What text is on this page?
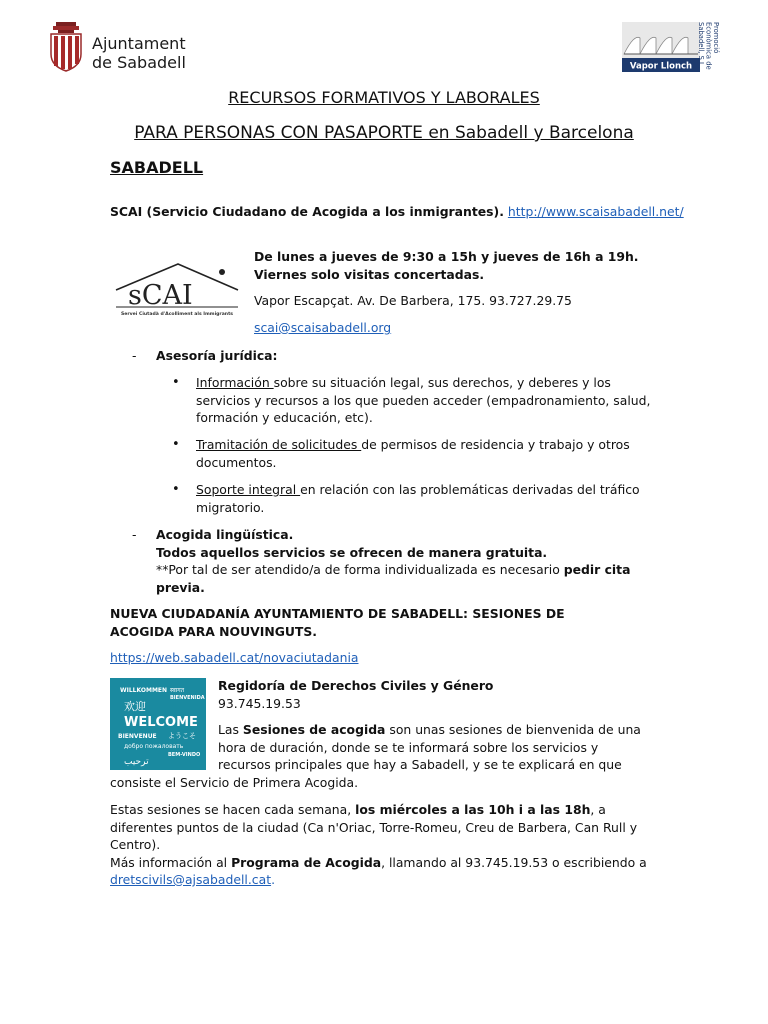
Ajuntament
de Sabadell
Promoció
Econòmica de
Sabadell, S.L.
Vapor Llonch
RECURSOS FORMATIVOS Y LABORALES
PARA PERSONAS CON PASAPORTE en Sabadell y Barcelona
SABADELL
SCAI (Servicio Ciudadano de Acogida a los inmigrantes). http://www.scaisabadell.net/
sCAI
Servei Ciutadà d'Acolliment als Immigrants
De lunes a jueves de 9:30 a 15h y jueves de 16h a 19h. Viernes solo visitas concertadas.
Vapor Escapçat. Av. De Barbera, 175. 93.727.29.75
scai@scaisabadell.org
- Asesoría jurídica:
• Información sobre su situación legal, sus derechos, y deberes y los servicios y recursos a los que pueden acceder (empadronamiento, salud, formación y educación, etc).
• Tramitación de solicitudes de permisos de residencia y trabajo y otros documentos.
• Soporte integral en relación con las problemáticas derivadas del tráfico migratorio.
- Acogida lingüística.
Todos aquellos servicios se ofrecen de manera gratuita.
**Por tal de ser atendido/a de forma individualizada es necesario pedir cita previa.
NUEVA CIUDADANÍA AYUNTAMIENTO DE SABADELL: SESIONES DE ACOGIDA PARA NOUVINGUTS.
https://web.sabadell.cat/novaciutadania
WILLKOMMEN स्वागत
BIENVENIDA
欢迎
WELCOME
BIENVENUE ようこそ
добро пожаловать
BEM-VINDO
ترحيب
Regidoría de Derechos Civiles y Género
93.745.19.53
Las Sesiones de acogida son unas sesiones de bienvenida de una hora de duración, donde se te informará sobre los servicios y recursos principales que hay a Sabadell, y se te explicará en que consiste el Servicio de Primera Acogida.
Estas sesiones se hacen cada semana, los miércoles a las 10h i a las 18h, a diferentes puntos de la ciudad (Ca n'Oriac, Torre-Romeu, Creu de Barbera, Can Rull y Centro).
Más información al Programa de Acogida, llamando al 93.745.19.53 o escribiendo a
dretscivils@ajsabadell.cat.
